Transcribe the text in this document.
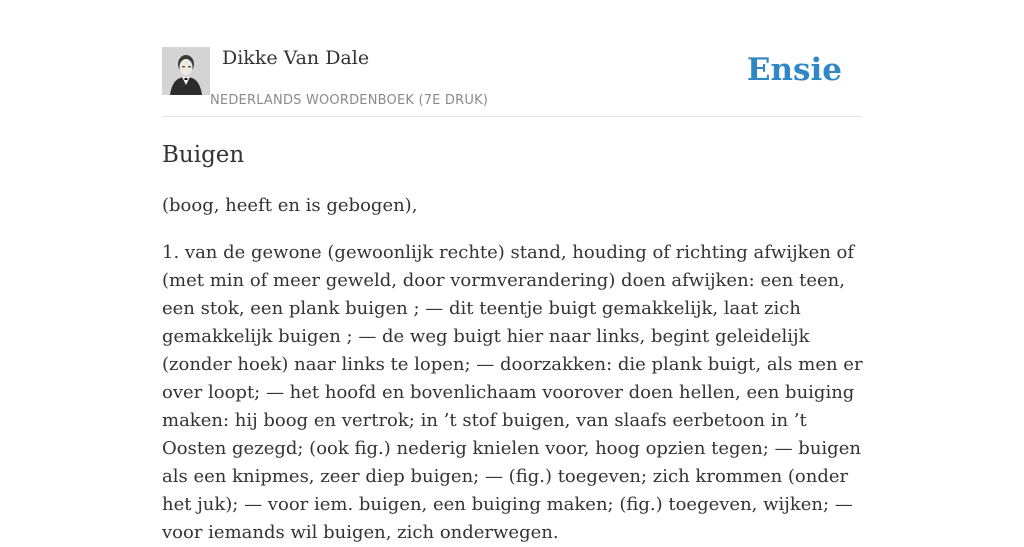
Dikke Van Dale
NEDERLANDS WOORDENBOEK (7E DRUK)
Ensie
Buigen

(boog, heeft en is gebogen),

1. van de gewone (gewoonlijk rechte) stand, houding of richting afwijken of (met min of meer geweld, door vormverandering) doen afwijken: een teen, een stok, een plank buigen ; — dit teentje buigt gemakkelijk, laat zich gemakkelijk buigen ; — de weg buigt hier naar links, begint geleidelijk (zonder hoek) naar links te lopen; — doorzakken: die plank buigt, als men er over loopt; — het hoofd en bovenlichaam voorover doen hellen, een buiging maken: hij boog en vertrok; in ’t stof buigen, van slaafs eerbetoon in ’t Oosten gezegd; (ook fig.) nederig knielen voor, hoog opzien tegen; — buigen als een knipmes, zeer diep buigen; — (fig.) toegeven; zich krommen (onder het juk); — voor iem. buigen, een buiging maken; (fig.) toegeven, wijken; — voor iemands wil buigen, zich onderwegen.
